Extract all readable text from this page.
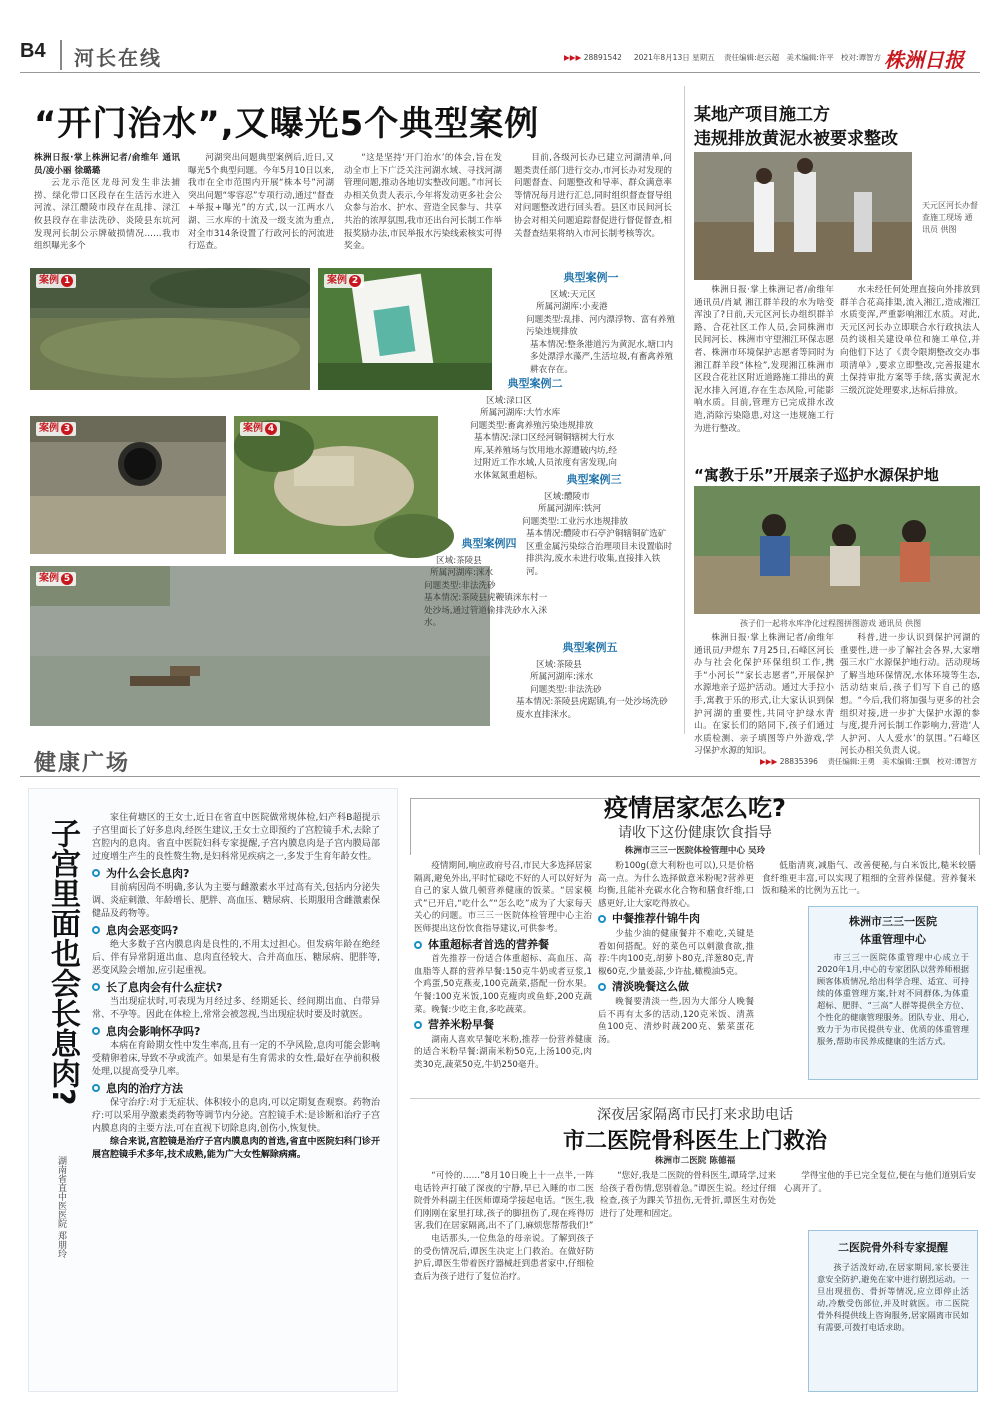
B4 河长在线	▶▶▶ 28891542 2021年8月13日 星期五 责任编辑:赵云超 美术编辑:许平 校对:谭智方 株洲日报
“开门治水”,又曝光5个典型案例
株洲日报·掌上株洲记者/俞维年 通讯员/凌小丽 徐璐璐

云龙示范区龙母河发生非法捕捞、绿化带口区段存在生活污水进入河流、渌江醴陵市段存在乱排、渌江攸县段存在非法洗砂、炎陵县东坑河发现河长制公示牌破损情况……我市组织曝光多个

河湖突出问题典型案例后,近日,又曝光5个典型问题。今年5月10日以来,我市在全市范围内开展“株本号”河湖突出问题“零容忍”专项行动,通过“督查+举报+曝光”的方式,以一江两水八湖、三水库的十流及一级支流为重点,对全市314条设置了行政河长的河流进行巡查。

“这是坚持‘开门治水’的体会,旨在发动全市上下广泛关注河湖水域、寻找河湖管理问题,推动各地切实整改问题。”市河长办相关负责人表示,今年将发动更多社会公众参与治水、护水、营造全民参与、共享共治的浓厚氛围,我市还出台河长制工作举报奖励办法,市民举报水污染线索核实可得奖金。

目前,各级河长办已建立河湖清单,问题类责任部门进行交办,市河长办对发现的问题督查、问题整改和导率、群众满意率等情况每月进行汇总,同时组织督查督导组对问题整改进行回头看。县区市民间河长协会对相关问题追踪督促进行督促督查,相关督查结果将纳入市河长制考核等次。

案例 1	案例 2
案例 3	案例 4
案例 5
典型案例一
区域:天元区
所属河湖库:小麦港
问题类型:乱排、河内漂浮物、富有养殖污染违规排放
基本情况:整条港道污为黄泥水,塘口内多处漂浮水藻严,生活垃圾,有畜禽养殖耕农存在。
典型案例二
区域:渌口区
所属河湖库:大竹水库
问题类型:畜禽养殖污染违规排放
基本情况:渌口区经河铜铜辖树大行水库,某养殖场与饮用地水源遭破内坊,经过附近工作水域,人员浓度有害发现,向水体氮氮重超标。	典型案例三
区域:醴陵市
所属河湖库:铁河
问题类型:工业污水违规排放
基本情况:醴陵市石亭沪铜辖铜矿选矿区重金属污染综合治理项目未设置临时排洪沟,废水未进行收集,直接排入铁河。
典型案例四
区域:茶陵县
所属河湖库:洣水
问题类型:非法洗砂
基本情况:茶陵县虎鞭镇洣东村一处沙场,通过管道偷排洗砂水入洣水。
典型案例五
区域:茶陵县
所属河湖库:洣水
问题类型:非法洗砂
基本情况:茶陵县虎踞镇,有一处沙场洗砂废水直排洣水。
某地产项目施工方
违规排放黄泥水被要求整改
天元区河长办督查施工现场 通讯员 供图

株洲日报·掌上株洲记者/俞维年 通讯员/肖斌 湘江群羊段的水为啥变浑浊了?日前,天元区河长办组织群羊路、合花社区工作人员,会同株洲市民间河长、株洲市守望湘江环保志愿者、株洲市环境保护志愿者等同时为湘江群羊段“体检”,发现湘江株洲市区段合花社区附近道路施工排出的黄泥水排入河道,存在生态风险,可能影响水质。目前,管理方已完成排水改造,消除污染隐患,对这一违规施工行为进行整改。

水未经任何处理直接向外排放到群羊合花高排渠,流入湘江,造成湘江水质变浑,严重影响湘江水质。对此,天元区河长办立即联合水行政执法人员约谈相关建设单位和施工单位,并向他们下达了《责令限期整改交办事项清单》,要求立即整改,完善报建水土保持审批方案等手续,落实黄泥水三级沉淀处理要求,达标后排放。

“寓教于乐”开展亲子巡护水源保护地
孩子们一起将水库净化过程图拼图游戏 通讯员 供图

株洲日报·掌上株洲记者/俞维年 通讯员/尹煜东 7月25日,石峰区河长办与社会化保护环保组织工作,携手“小河长”“家长志愿者”,开展保护水源地亲子巡护活动。通过大手拉小手,寓教于乐的形式,让大家认识到保护河湖的重要性,共同守护绿水青山。在家长们的陪同下,孩子们通过水质检测、亲子填图等户外游戏,学习保护水源的知识。

科普,进一步认识到保护河湖的重要性,进一步了解社会各界,大家增强三水广水源保护地行动。活动现场了解当地环保情况,水体环境等生态,活动结束后,孩子们写下自己的感想。“今后,我们将加强与更多的社会组织对接,进一步扩大保护水源的参与度,提升河长制工作影响力,营造‘人人护河、人人爱水’的氛围。”石峰区河长办相关负责人说。

健康广场	▶▶▶ 28835396 责任编辑:王勇 美术编辑:王飘 校对:谭智方
子宫里面也会长息肉?
湖南省直中医医院 郑朋玲

家住荷塘区的王女士,近日在省直中医院做常规体检,妇产科B超提示子宫里面长了好多息肉,经医生建议,王女士立即预约了宫腔镜手术,去除了宫腔内的息肉。省直中医院妇科专家提醒,子宫内膜息肉是子宫内膜局部过度增生产生的良性赘生物,是妇科常见疾病之一,多发于生育年龄女性。

为什么会长息肉?

目前病因尚不明确,多认为主要与雌激素水平过高有关,包括内分泌失调、炎症刺激、年龄增长、肥胖、高血压、糖尿病、长期服用含雌激素保健品及药物等。

息肉会恶变吗?

绝大多数子宫内膜息肉是良性的,不用太过担心。但发病年龄在绝经后、伴有异常阴道出血、息肉直径较大、合并高血压、糖尿病、肥胖等,恶变风险会增加,应引起重视。

长了息肉会有什么症状?

当出现症状时,可表现为月经过多、经期延长、经间期出血、白带异常、不孕等。因此在体检上,常常会被忽视,当出现症状时要及时就医。

息肉会影响怀孕吗?

本病在育龄期女性中发生率高,且有一定的不孕风险,息肉可能会影响受精卵着床,导致不孕或流产。如果是有生育需求的女性,最好在孕前积极处理,以提高受孕几率。

息肉的治疗方法

保守治疗:对于无症状、体积较小的息肉,可以定期复查观察。药物治疗:可以采用孕激素类药物等调节内分泌。宫腔镜手术:是诊断和治疗子宫内膜息肉的主要方法,可在直视下切除息肉,创伤小,恢复快。

综合来说,宫腔镜是治疗子宫内膜息肉的首选,省直中医院妇科门诊开展宫腔镜手术多年,技术成熟,能为广大女性解除病痛。

疫情居家怎么吃?
请收下这份健康饮食指导
株洲市三三一医院体检管理中心 吴玲

疫情期间,响应政府号召,市民大多选择居家隔离,避免外出,平时忙碌吃不好的人可以好好为自己的家人做几顿营养健康的饭菜。“居家模式”已开启,“吃什么”“怎么吃”成为了大家每天关心的问题。市三三一医院体检管理中心主治医师提出这份饮食指导建议,可供参考。

体重超标者首选的营养餐

首先推荐一份适合体重超标、高血压、高血脂等人群的营养早餐:150克牛奶或者豆浆,1个鸡蛋,50克燕麦,100克蔬菜,搭配一份水果。午餐:100克米饭,100克瘦肉或鱼虾,200克蔬菜。晚餐:少吃主食,多吃蔬菜。

营养米粉早餐

湖南人喜欢早餐吃米粉,推荐一份营养健康的适合米粉早餐:湖南米粉50克,上汤100克,肉类30克,蔬菜50克,牛奶250毫升。

粉100g(意大利粉也可以),只是价格高一点。为什么选择做意米粉呢?营养更均衡,且能补充碳水化合物和膳食纤维,口感更好,让大家吃得放心。

中餐推荐什锦牛肉

少盐少油的健康餐并不难吃,关键是看如何搭配。好的菜色可以刺激食欲,推荐:牛肉100克,胡萝卜80克,洋葱80克,青椒60克,少量姜蒜,少许盐,橄榄油5克。

清淡晚餐这么做

晚餐要清淡一些,因为大部分人晚餐后不再有太多的活动,120克米饭、清蒸鱼100克、清炒时蔬200克、紫菜蛋花汤。

低脂清爽,减脂气、改善便秘,与白米饭比,糙米较膳食纤维更丰富,可以实现了粗细的全营养保健。营养餐米饭和糙米的比例为五比一。

株洲市三三一医院
体重管理中心

市三三一医院体重管理中心成立于2020年1月,中心的专家团队以营养师根据顾客体质情况,给出科学合理、适宜、可持续的体重管理方案,针对不同群体,为体重超标、肥胖、“三高”人群等提供全方位、个性化的健康管理服务。团队专业、用心,致力于为市民提供专业、优质的体重管理服务,帮助市民养成健康的生活方式。

深夜居家隔离市民打来求助电话
市二医院骨科医生上门救治
株洲市二医院 陈德福

“可怜的……”8月10日晚上十一点半,一阵电话铃声打破了深夜的宁静,早已入睡的市二医院骨外科副主任医师谭琦学接起电话。“医生,我们刚刚在家里打球,孩子的脚扭伤了,现在疼得厉害,我们在居家隔离,出不了门,麻烦您帮帮我们!”

电话那头,一位焦急的母亲说。了解到孩子的受伤情况后,谭医生决定上门救治。在做好防护后,谭医生带着医疗器械赶到患者家中,仔细检查后为孩子进行了复位治疗。

“您好,我是二医院的骨科医生,谭琦学,过来给孩子看伤情,您别着急。”谭医生说。经过仔细检查,孩子为踝关节扭伤,无骨折,谭医生对伤处进行了处理和固定。

学得宝他的手已完全复位,便在与他们道别后安心离开了。

二医院骨外科专家提醒

孩子活泼好动,在居家期间,家长要注意安全防护,避免在家中进行剧烈运动。一旦出现扭伤、骨折等情况,应立即停止活动,冷敷受伤部位,并及时就医。市二医院骨外科提供线上咨询服务,居家隔离市民如有需要,可拨打电话求助。
